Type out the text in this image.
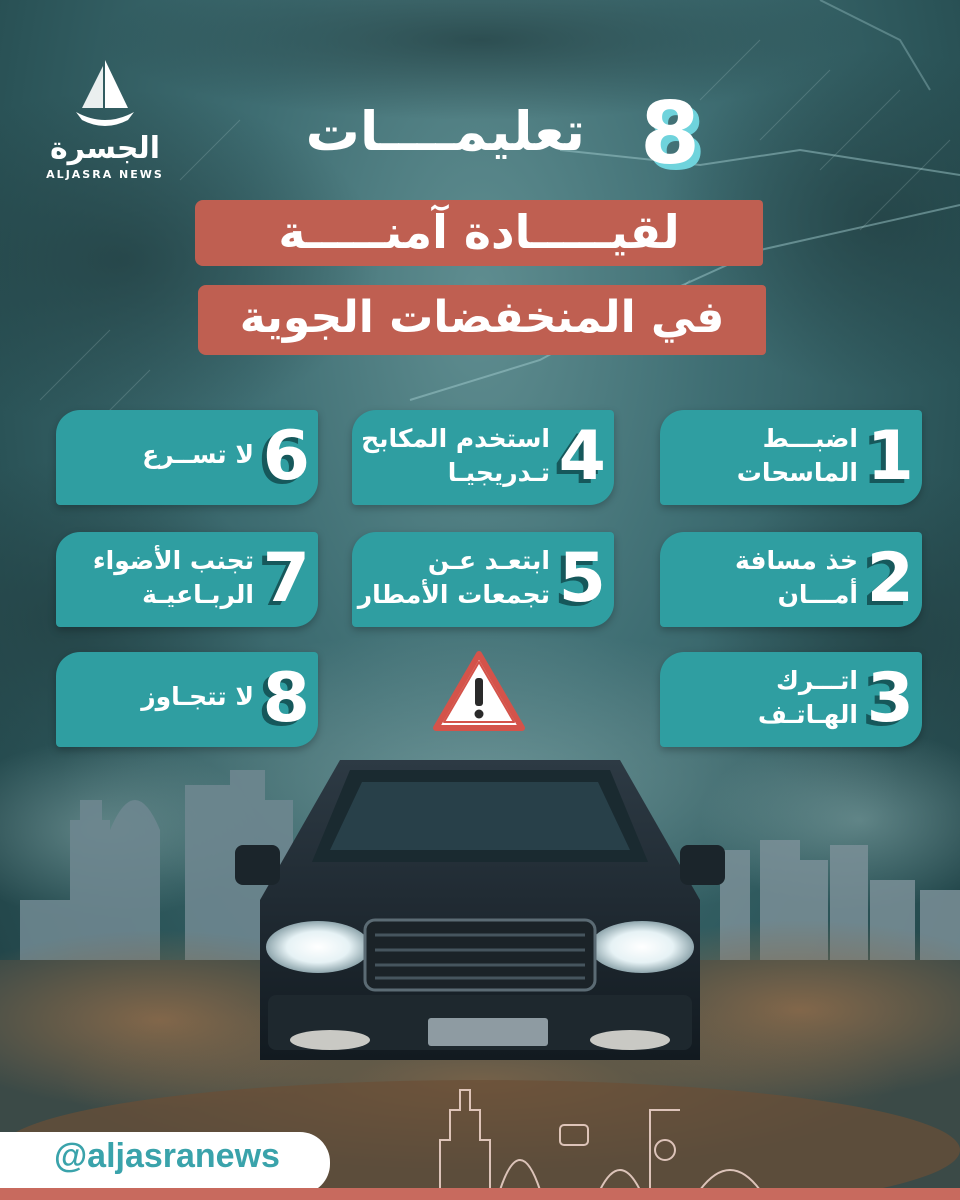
الجسرة
ALJASRA NEWS	8
تعليمــــات
لقيـــــادة آمنـــــة
في المنخفضات الجوية
1
اضبـــط
الماسحات
2
خذ مسافة
أمـــان
3
اتـــرك
الهـاتـف
4
استخدم المكابح
تـدريجيـا
5
ابتعـد عـن
تجمعات الأمطار
6
لا تســرع
7
تجنب الأضواء
الربـاعيـة
8
لا تتجـاوز
@aljasranews
